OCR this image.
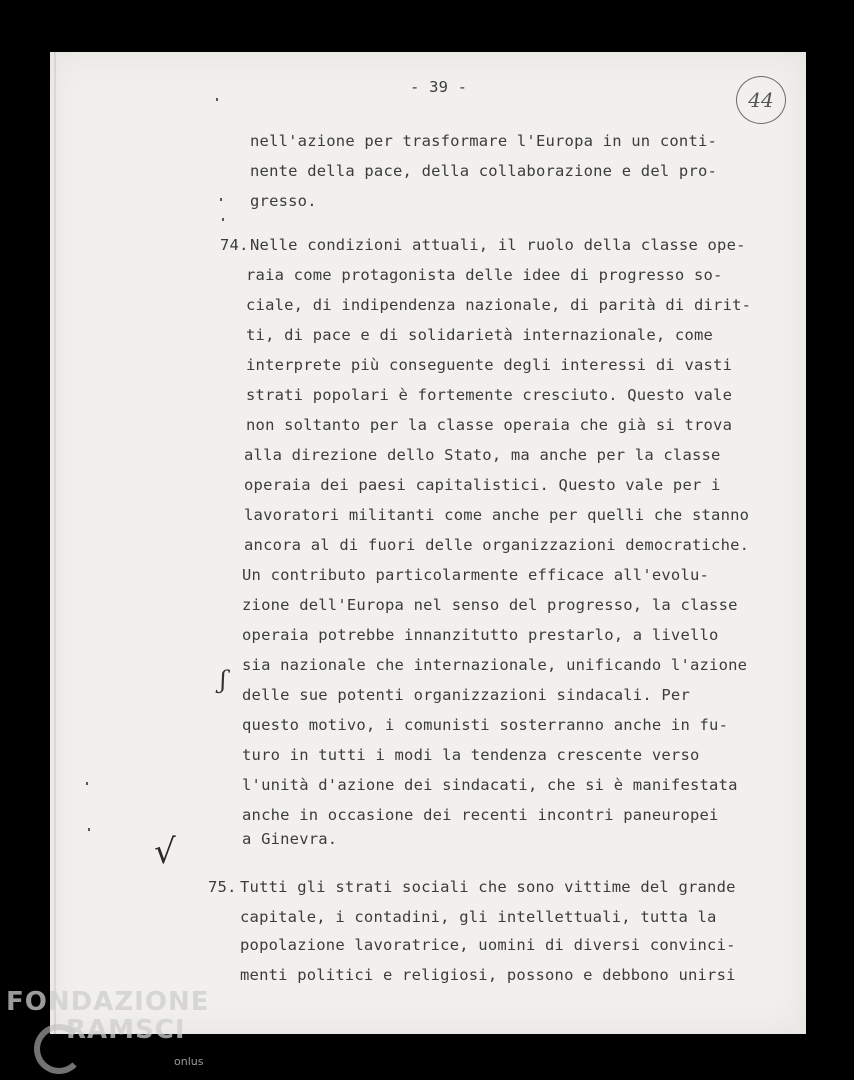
- 39 -
44

nell'azione per trasformare l'Europa in un conti-

nente della pace, della collaborazione e del pro-

gresso.

74.

Nelle condizioni attuali, il ruolo della classe ope-

raia come protagonista delle idee di progresso so-

ciale, di indipendenza nazionale, di parità di dirit-

ti, di pace e di solidarietà internazionale, come

interprete più conseguente degli interessi di vasti

strati popolari è fortemente cresciuto. Questo vale

non soltanto per la classe operaia che già si trova

alla direzione dello Stato, ma anche per la classe

operaia dei paesi capitalistici. Questo vale per i

lavoratori militanti come anche per quelli che stanno

ancora al di fuori delle organizzazioni democratiche.

Un contributo particolarmente efficace all'evolu-

zione dell'Europa nel senso del progresso, la classe

operaia potrebbe innanzitutto prestarlo, a livello

sia nazionale che internazionale, unificando l'azione

delle sue potenti organizzazioni sindacali. Per

questo motivo, i comunisti sosterranno anche in fu-

turo in tutti i modi la tendenza crescente verso

l'unità d'azione dei sindacati, che si è manifestata

anche in occasione dei recenti incontri paneuropei

a Ginevra.

ʃ
√

75.

Tutti gli strati sociali che sono vittime del grande

capitale, i contadini, gli intellettuali, tutta la

popolazione lavoratrice, uomini di diversi convinci-

menti politici e religiosi, possono e debbono unirsi

FONDAZIONE
RAMSCI
onlus
